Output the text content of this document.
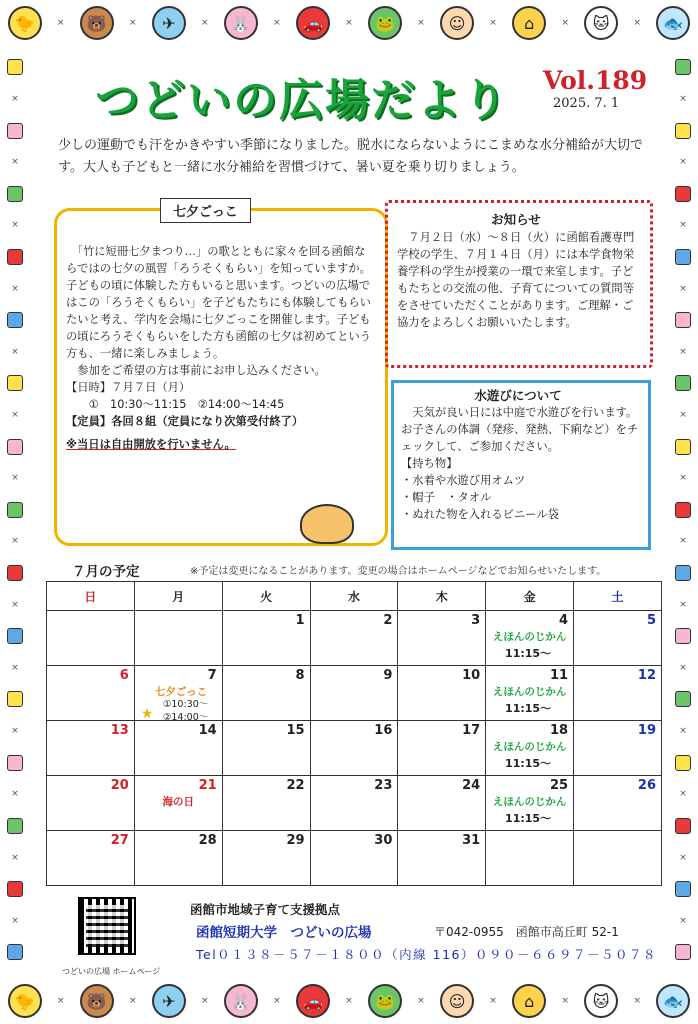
🐤	×	🐻	×	✈	×	🐰	×	🚗	×	🐸	×	☺	×	⌂	×	🐱	×	🐟
🐤	×	🐻	×	✈	×	🐰	×	🚗	×	🐸	×	☺	×	⌂	×	🐱	×	🐟
×
×
×
×
×
×
×
×
×
×
×
×
×
×
×
×
×
×
×
×
×
×
×
×
×
×
×
×
つどいの広場だより Vol.189
2025. 7. 1
少しの運動でも汗をかきやすい季節になりました。脱水にならないようにこまめな水分補給が大切です。大人も子どもと一緒に水分補給を習慣づけて、暑い夏を乗り切りましょう。
七夕ごっこ
　「竹に短冊七夕まつり…」の歌とともに家々を回る函館ならではの七夕の風習「ろうそくもらい」を知っていますか。子どもの頃に体験した方もいると思います。つどいの広場ではこの「ろうそくもらい」を子どもたちにも体験してもらいたいと考え、学内を会場に七夕ごっこを開催します。子どもの頃にろうそくもらいをした方も函館の七夕は初めてという方も、一緒に楽しみましょう。
　参加をご希望の方は事前にお申し込みください。
【日時】７月７日（月）
　　①　10:30～11:15　②14:00～14:45
【定員】各回８組（定員になり次第受付終了）
※当日は自由開放を行いません。
お知らせ
　７月２日（水）～８日（火）に函館看護専門学校の学生、７月１４日（月）には本学食物栄養学科の学生が授業の一環で来室します。子どもたちとの交流の他、子育てについての質問等をさせていただくことがあります。ご理解・ご協力をよろしくお願いいたします。
水遊びについて
　天気が良い日には中庭で水遊びを行います。お子さんの体調（発疹、発熱、下痢など）をチェックして、ご参加ください。
【持ち物】
・水着や水遊び用オムツ
・帽子　・タオル
・ぬれた物を入れるビニール袋
７月の予定	※予定は変更になることがあります。変更の場合はホームページなどでお知らせいたします。
日	月	火	水	木	金	土

		1	2	3	4
えほんのじかん
11:15～	5

6	7
七夕ごっこ
★
①10:30～
②14:00～	8	9	10	11
えほんのじかん
11:15～	12

13	14	15	16	17	18
えほんのじかん
11:15～	19

20	21
海の日	22	23	24	25
えほんのじかん
11:15～	26

27	28	29	30	31		

つどいの広場 ホームページ
函館市地域子育て支援拠点
函館短期大学　つどいの広場	〒042-0955　函館市高丘町 52-1
Tel０１３８－５７－１８００（内線 116）０９０－６６９７－５０７８
